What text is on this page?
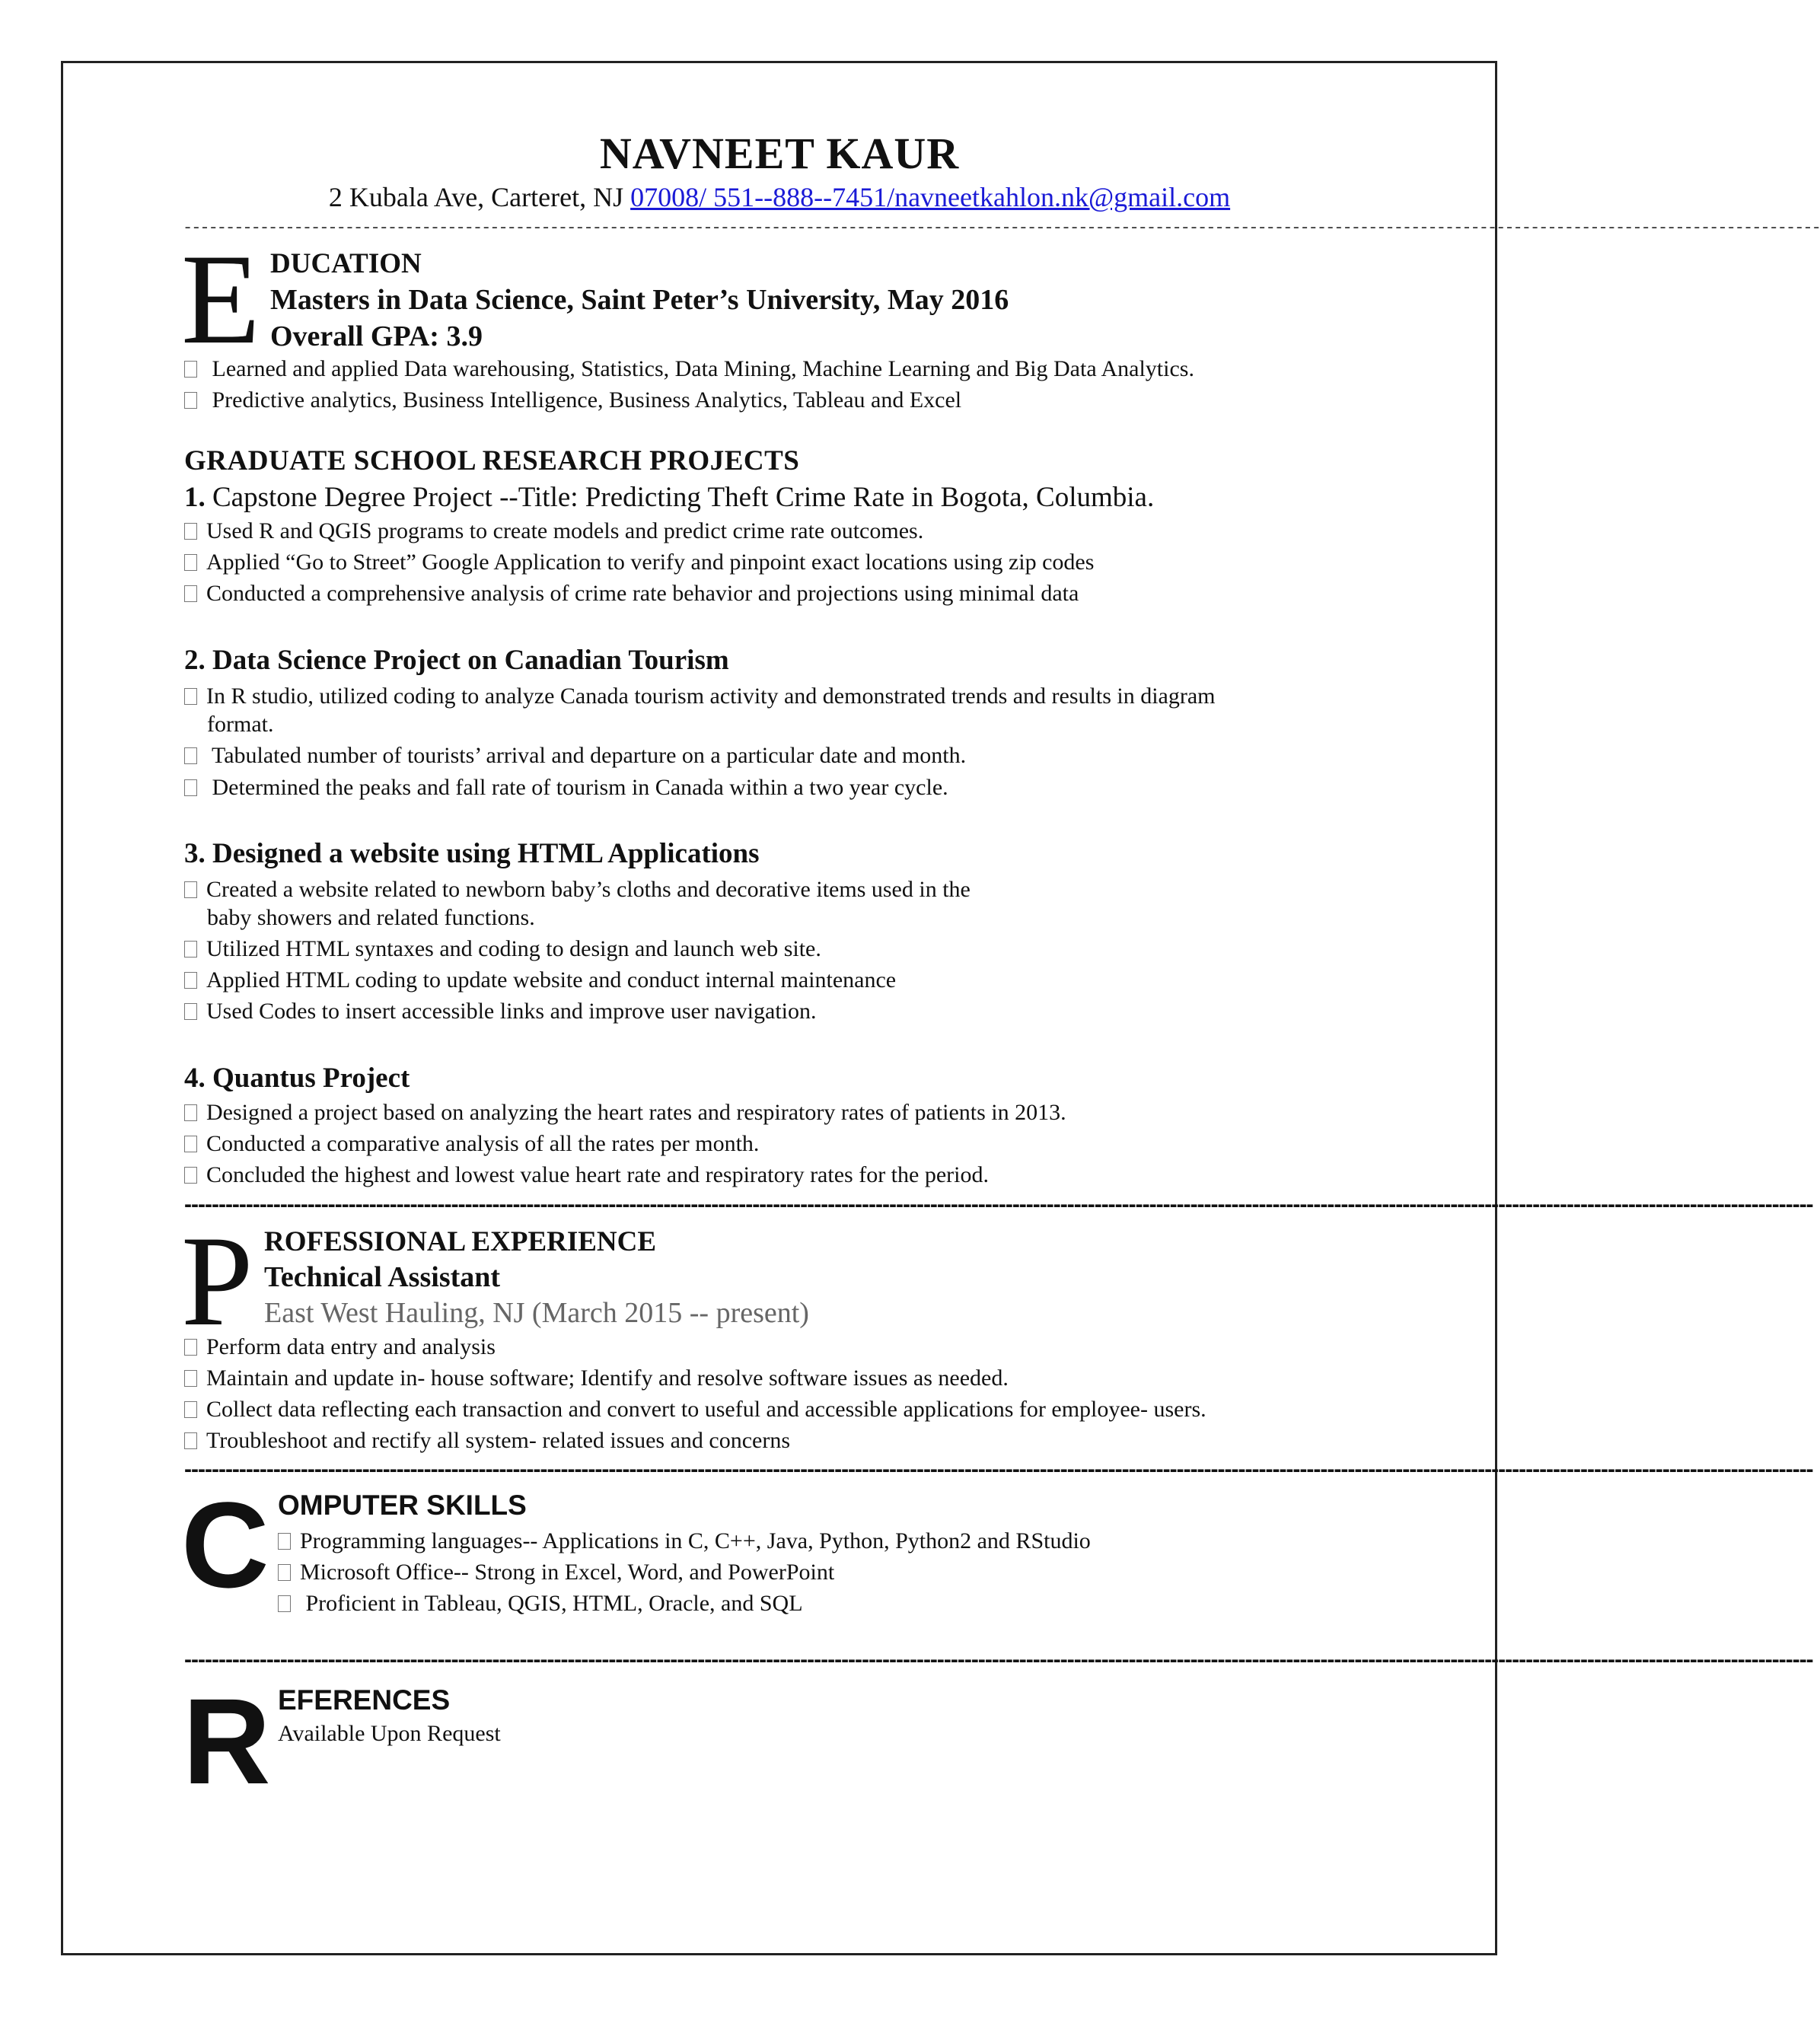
NAVNEET KAUR
2 Kubala Ave, Carteret, NJ 07008/ 551--888--7451/navneetkahlon.nk@gmail.com
------------------------------------------------------------------------------------------------------------------------------------------------------------------------------------------------
E DUCATION
Masters in Data Science, Saint Peter’s University, May 2016
Overall GPA: 3.9
Learned and applied Data warehousing, Statistics, Data Mining, Machine Learning and Big Data Analytics.
Predictive analytics, Business Intelligence, Business Analytics, Tableau and Excel
GRADUATE SCHOOL RESEARCH PROJECTS
1. Capstone Degree Project --Title: Predicting Theft Crime Rate in Bogota, Columbia.
Used R and QGIS programs to create models and predict crime rate outcomes.
Applied “Go to Street” Google Application to verify and pinpoint exact locations using zip codes
Conducted a comprehensive analysis of crime rate behavior and projections using minimal data
2. Data Science Project on Canadian Tourism
In R studio, utilized coding to analyze Canada tourism activity and demonstrated trends and results in diagram
format.
Tabulated number of tourists’ arrival and departure on a particular date and month.
Determined the peaks and fall rate of tourism in Canada within a two year cycle.
3. Designed a website using HTML Applications
Created a website related to newborn baby’s cloths and decorative items used in the
baby showers and related functions.
Utilized HTML syntaxes and coding to design and launch web site.
Applied HTML coding to update website and conduct internal maintenance
Used Codes to insert accessible links and improve user navigation.
4. Quantus Project
Designed a project based on analyzing the heart rates and respiratory rates of patients in 2013.
Conducted a comparative analysis of all the rates per month.
Concluded the highest and lowest value heart rate and respiratory rates for the period.
----------------------------------------------------------------------------------------------------------------------------------------------------------------------------------------------------------------------------------------------
P ROFESSIONAL EXPERIENCE
Technical Assistant
East West Hauling, NJ (March 2015 -- present)
Perform data entry and analysis
Maintain and update in- house software; Identify and resolve software issues as needed.
Collect data reflecting each transaction and convert to useful and accessible applications for employee- users.
Troubleshoot and rectify all system- related issues and concerns
----------------------------------------------------------------------------------------------------------------------------------------------------------------------------------------------------------------------------------------------
C OMPUTER SKILLS
Programming languages-- Applications in C, C++, Java, Python, Python2 and RStudio
Microsoft Office-- Strong in Excel, Word, and PowerPoint
Proficient in Tableau, QGIS, HTML, Oracle, and SQL
----------------------------------------------------------------------------------------------------------------------------------------------------------------------------------------------------------------------------------------------
R EFERENCES
Available Upon Request
